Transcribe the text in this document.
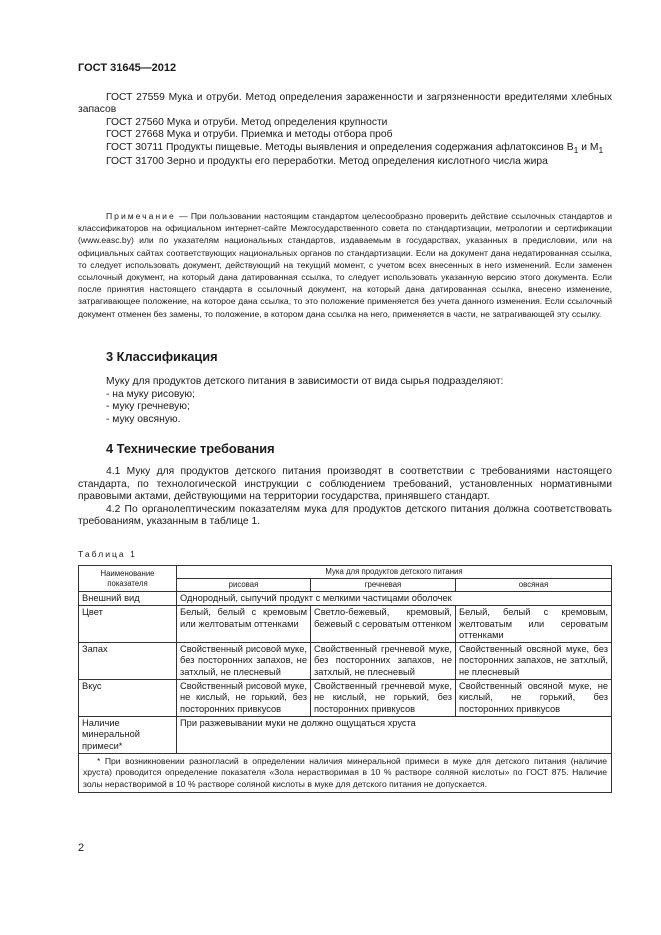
ГОСТ 31645—2012

ГОСТ 27559 Мука и отруби. Метод определения зараженности и загрязненности вредителями хлебных запасов

ГОСТ 27560 Мука и отруби. Метод определения крупности

ГОСТ 27668 Мука и отруби. Приемка и методы отбора проб

ГОСТ 30711 Продукты пищевые. Методы выявления и определения содержания афлатоксинов $В_1$ и $М_1$

ГОСТ 31700 Зерно и продукты его переработки. Метод определения кислотного числа жира

Примечание — При пользовании настоящим стандартом целесообразно проверить действие ссылочных стандартов и классификаторов на официальном интернет-сайте Межгосударственного совета по стандартизации, метрологии и сертификации (www.easc.by) или по указателям национальных стандартов, издаваемым в государствах, указанных в предисловии, или на официальных сайтах соответствующих национальных органов по стандартизации. Если на документ дана недатированная ссылка, то следует использовать документ, действующий на текущий момент, с учетом всех внесенных в него изменений. Если заменен ссылочный документ, на который дана датированная ссылка, то следует использовать указанную версию этого документа. Если после принятия настоящего стандарта в ссылочный документ, на который дана датированная ссылка, внесено изменение, затрагивающее положение, на которое дана ссылка, то это положение применяется без учета данного изменения. Если ссылочный документ отменен без замены, то положение, в котором дана ссылка на него, применяется в части, не затрагивающей эту ссылку.

3 Классификация
Муку для продуктов детского питания в зависимости от вида сырья подразделяют:
- на муку рисовую;
- муку гречневую;
- муку овсяную.
4 Технические требования

4.1 Муку для продуктов детского питания производят в соответствии с требованиями настоящего стандарта, по технологической инструкции с соблюдением требований, установленных нормативными правовыми актами, действующими на территории государства, принявшего стандарт.

4.2 По органолептическим показателям мука для продуктов детского питания должна соответствовать требованиям, указанным в таблице 1.

Таблица 1
Наименование показателя	Мука для продуктов детского питания		
	рисовая	гречневая	овсяная
Внешний вид	Однородный, сыпучий продукт с мелкими частицами оболочек		
Цвет	Белый, белый с кремовым или желтоватым оттенками	Светло-бежевый, кремовый, бежевый с сероватым оттенком	Белый, белый с кремовым, желтоватым или сероватым оттенками
Запах	Свойственный рисовой муке, без посторонних запахов, не затхлый, не плесневый	Свойственный гречневой муке, без посторонних запахов, не затхлый, не плесневый	Свойственный овсяной муке, без посторонних запахов, не затхлый, не плесневый
Вкус	Свойственный рисовой муке, не кислый, не горький, без посторонних привкусов	Свойственный гречневой муке, не кислый, не горький, без посторонних привкусов	Свойственный овсяной муке, не кислый, не горький, без посторонних привкусов
Наличие минеральной примеси*	При разжевывании муки не должно ощущаться хруста		
* При возникновении разногласий в определении наличия минеральной примеси в муке для детского питания (наличие хруста) проводится определение показателя «Зола нерастворимая в 10 % растворе соляной кислоты» по ГОСТ 875. Наличие золы нерастворимой в 10 % растворе соляной кислоты в муке для детского питания не допускается.			
2
